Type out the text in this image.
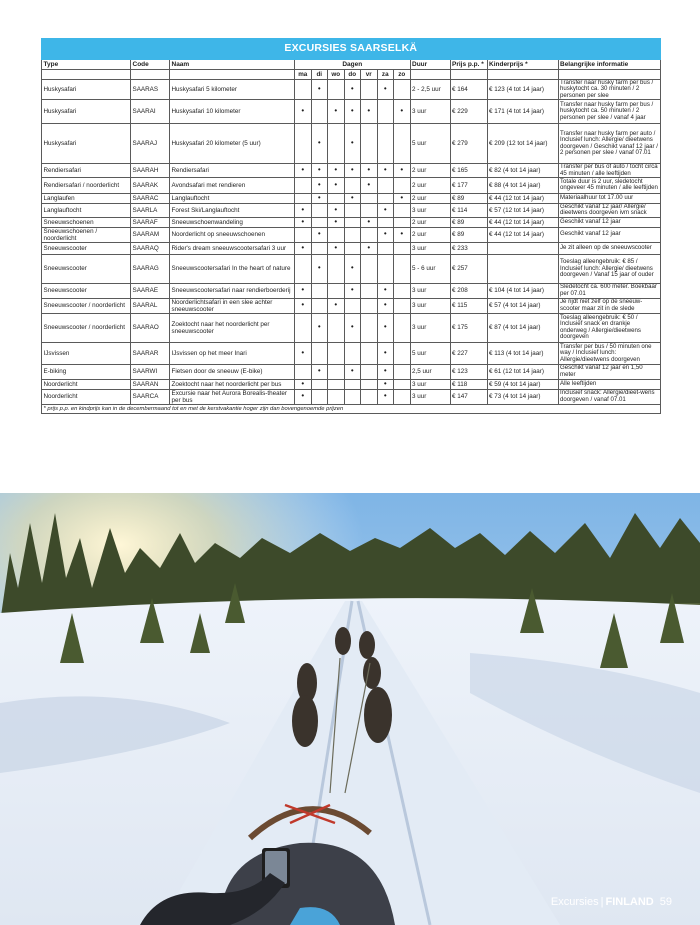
EXCURSIES SAARSELKÄ													
Type	Code	Naam	Dagen							Duur	Prijs p.p. *	Kinderprijs *	Belangrijke informatie
			ma	di	wo	do	vr	za	zo				
Huskysafari	SAARAS	Huskysafari 5 kilometer		•		•		•		2 - 2,5 uur	€ 164	€ 123 (4 tot 14 jaar)	Transfer naar husky farm per bus / huskytocht ca. 30 minuten / 2 personen per slee
Huskysafari	SAARAI	Huskysafari 10 kilometer	•		•	•	•		•	3 uur	€ 229	€ 171 (4 tot 14 jaar)	Transfer naar husky farm per bus / huskytocht ca. 50 minuten / 2 personen per slee / vanaf 4 jaar
Huskysafari	SAARAJ	Huskysafari 20 kilometer (5 uur)		•		•				5 uur	€ 279	€ 209 (12 tot 14 jaar)	Transfer naar husky farm per auto / Inclusief lunch: Allergie/ dieetwens doorgeven / Geschikt vanaf 12 jaar / 2 personen per slee / vanaf 07.01
Rendiersafari	SAARAH	Rendiersafari	•	•	•	•	•	•	•	2 uur	€ 165	€ 82 (4 tot 14 jaar)	Transfer per bus of auto / tocht circa 45 minuten / alle leeftijden
Rendiersafari / noorderlicht	SAARAK	Avondsafari met rendieren		•	•		•			2 uur	€ 177	€ 88 (4 tot 14 jaar)	Totale duur is 2 uur, sledetocht ongeveer 45 minuten / alle leeftijden
Langlaufen	SAARAC	Langlauftocht		•		•			•	2 uur	€ 89	€ 44 (12 tot 14 jaar)	Materiaalhuur tot 17.00 uur
Langlauftocht	SAARLA	Forest Ski/Langlauftocht	•		•			•		3 uur	€ 114	€ 57 (12 tot 14 jaar)	Geschikt vanaf 12 jaar/ Allergie/ dieetwens doorgeven ivm snack
Sneeuwschoenen	SAARAF	Sneeuwschoenwandeling	•		•		•			2 uur	€ 89	€ 44 (12 tot 14 jaar)	Geschikt vanaf 12 jaar
Sneeuwschoenen / noorderlicht	SAARAM	Noorderlicht op sneeuwschoenen		•				•	•	2 uur	€ 89	€ 44 (12 tot 14 jaar)	Geschikt vanaf 12 jaar
Sneeuwscooter	SAARAQ	Rider's dream sneeuwscootersafari 3 uur	•		•		•			3 uur	€ 233		Je zit alleen op de sneeuwscooter
Sneeuwscooter	SAARAG	Sneeuwscootersafari In the heart of nature		•		•				5 - 6 uur	€ 257		Toeslag alleengebruik: € 85 / Inclusief lunch: Allergie/ dieetwens doorgeven / Vanaf 15 jaar of ouder
Sneeuwscooter	SAARAE	Sneeuwscootersafari naar rendierboerderij	•			•		•		3 uur	€ 208	€ 104 (4 tot 14 jaar)	Sledetocht ca. 600 meter. Boekbaar per 07.01
Sneeuwscooter / noorderlicht	SAARAL	Noorderlichtsafari in een slee achter sneeuwscooter	•		•			•		3 uur	€ 115	€ 57 (4 tot 14 jaar)	Je rijdt niet zelf op de sneeuw-scooter maar zit in de slede
Sneeuwscooter / noorderlicht	SAARAO	Zoektocht naar het noorderlicht per sneeuwscooter		•		•		•		3 uur	€ 175	€ 87 (4 tot 14 jaar)	Toeslag alleengebruik: € 50 / Inclusief snack en drankje onderweg / Allergie/dieetwens doorgeven
IJsvissen	SAARAR	IJsvissen op het meer Inari	•					•		5 uur	€ 227	€ 113 (4 tot 14 jaar)	Transfer per bus / 50 minuten one way / Inclusief lunch: Allergie/dieetwens doorgeven
E-biking	SAARWI	Fietsen door de sneeuw (E-bike)		•		•		•		2,5 uur	€ 123	€ 61 (12 tot 14 jaar)	Geschikt vanaf 12 jaar en 1,50 meter
Noorderlicht	SAARAN	Zoektocht naar het noorderlicht per bus	•					•		3 uur	€ 118	€ 59 (4 tot 14 jaar)	Alle leeftijden
Noorderlicht	SAARCA	Excursie naar het Aurora Borealis-theater per bus	•					•		3 uur	€ 147	€ 73 (4 tot 14 jaar)	Inclusief snack: Allergie/dieet-wens doorgeven / vanaf 07.01
* prijs p.p. en kindprijs kan in de decembermaand tot en met de kerstvakantie hoger zijn dan bovengenoemde prijzen													
Excursies | FINLAND 59
